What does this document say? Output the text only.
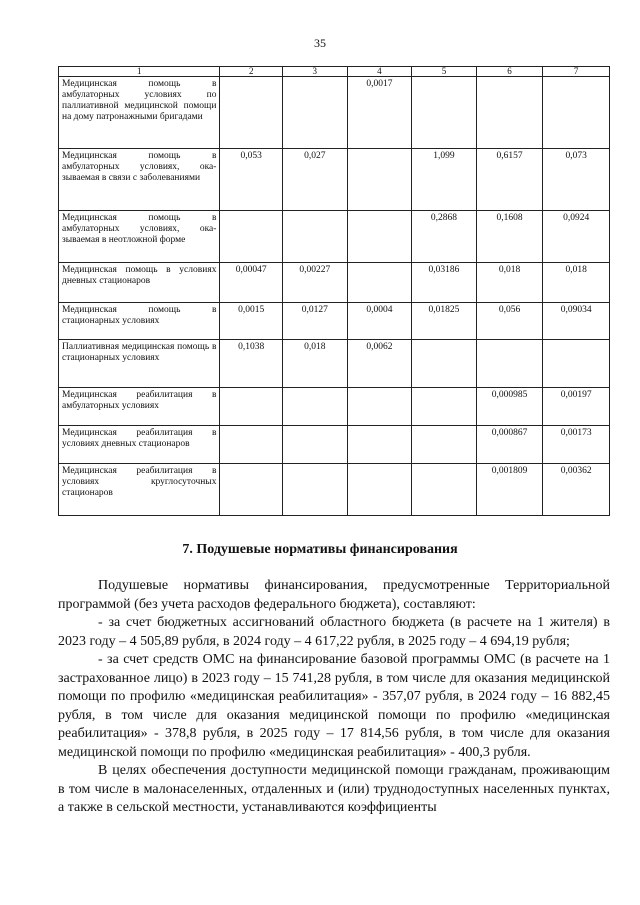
35
1	2	3	4	5	6	7
Медицинская помощь в амбулаторных условиях по паллиативной медицинской помощи на дому патронажными бригадами			0,0017			
Медицинская помощь в амбулаторных условиях, ока-зываемая в связи с заболеваниями	0,053	0,027		1,099	0,6157	0,073
Медицинская помощь в амбулаторных условиях, ока-зываемая в неотложной форме				0,2868	0,1608	0,0924
Медицинская помощь в условиях дневных стационаров	0,00047	0,00227		0,03186	0,018	0,018
Медицинская помощь в стационарных условиях	0,0015	0,0127	0,0004	0,01825	0,056	0,09034
Паллиативная медицинская помощь в стационарных условиях	0,1038	0,018	0,0062			
Медицинская реабилитация в амбулаторных условиях					0,000985	0,00197
Медицинская реабилитация в условиях дневных стационаров					0,000867	0,00173
Медицинская реабилитация в условиях круглосуточных стационаров					0,001809	0,00362
7. Подушевые нормативы финансирования

Подушевые нормативы финансирования, предусмотренные Территориальной программой (без учета расходов федерального бюджета), составляют:

- за счет бюджетных ассигнований областного бюджета (в расчете на 1 жителя) в 2023 году – 4 505,89 рубля, в 2024 году – 4 617,22 рубля, в 2025 году – 4 694,19 рубля;

- за счет средств ОМС на финансирование базовой программы ОМС (в расчете на 1 застрахованное лицо) в 2023 году – 15 741,28 рубля, в том числе для оказания медицинской помощи по профилю «медицинская реабилитация» - 357,07 рубля, в 2024 году – 16 882,45 рубля, в том числе для оказания медицинской помощи по профилю «медицинская реабилитация» - 378,8 рубля, в 2025 году – 17 814,56 рубля, в том числе для оказания медицинской помощи по профилю «медицинская реабилитация» - 400,3 рубля.

В целях обеспечения доступности медицинской помощи гражданам, проживающим в том числе в малонаселенных, отдаленных и (или) труднодоступных населенных пунктах, а также в сельской местности, устанавливаются коэффициенты
